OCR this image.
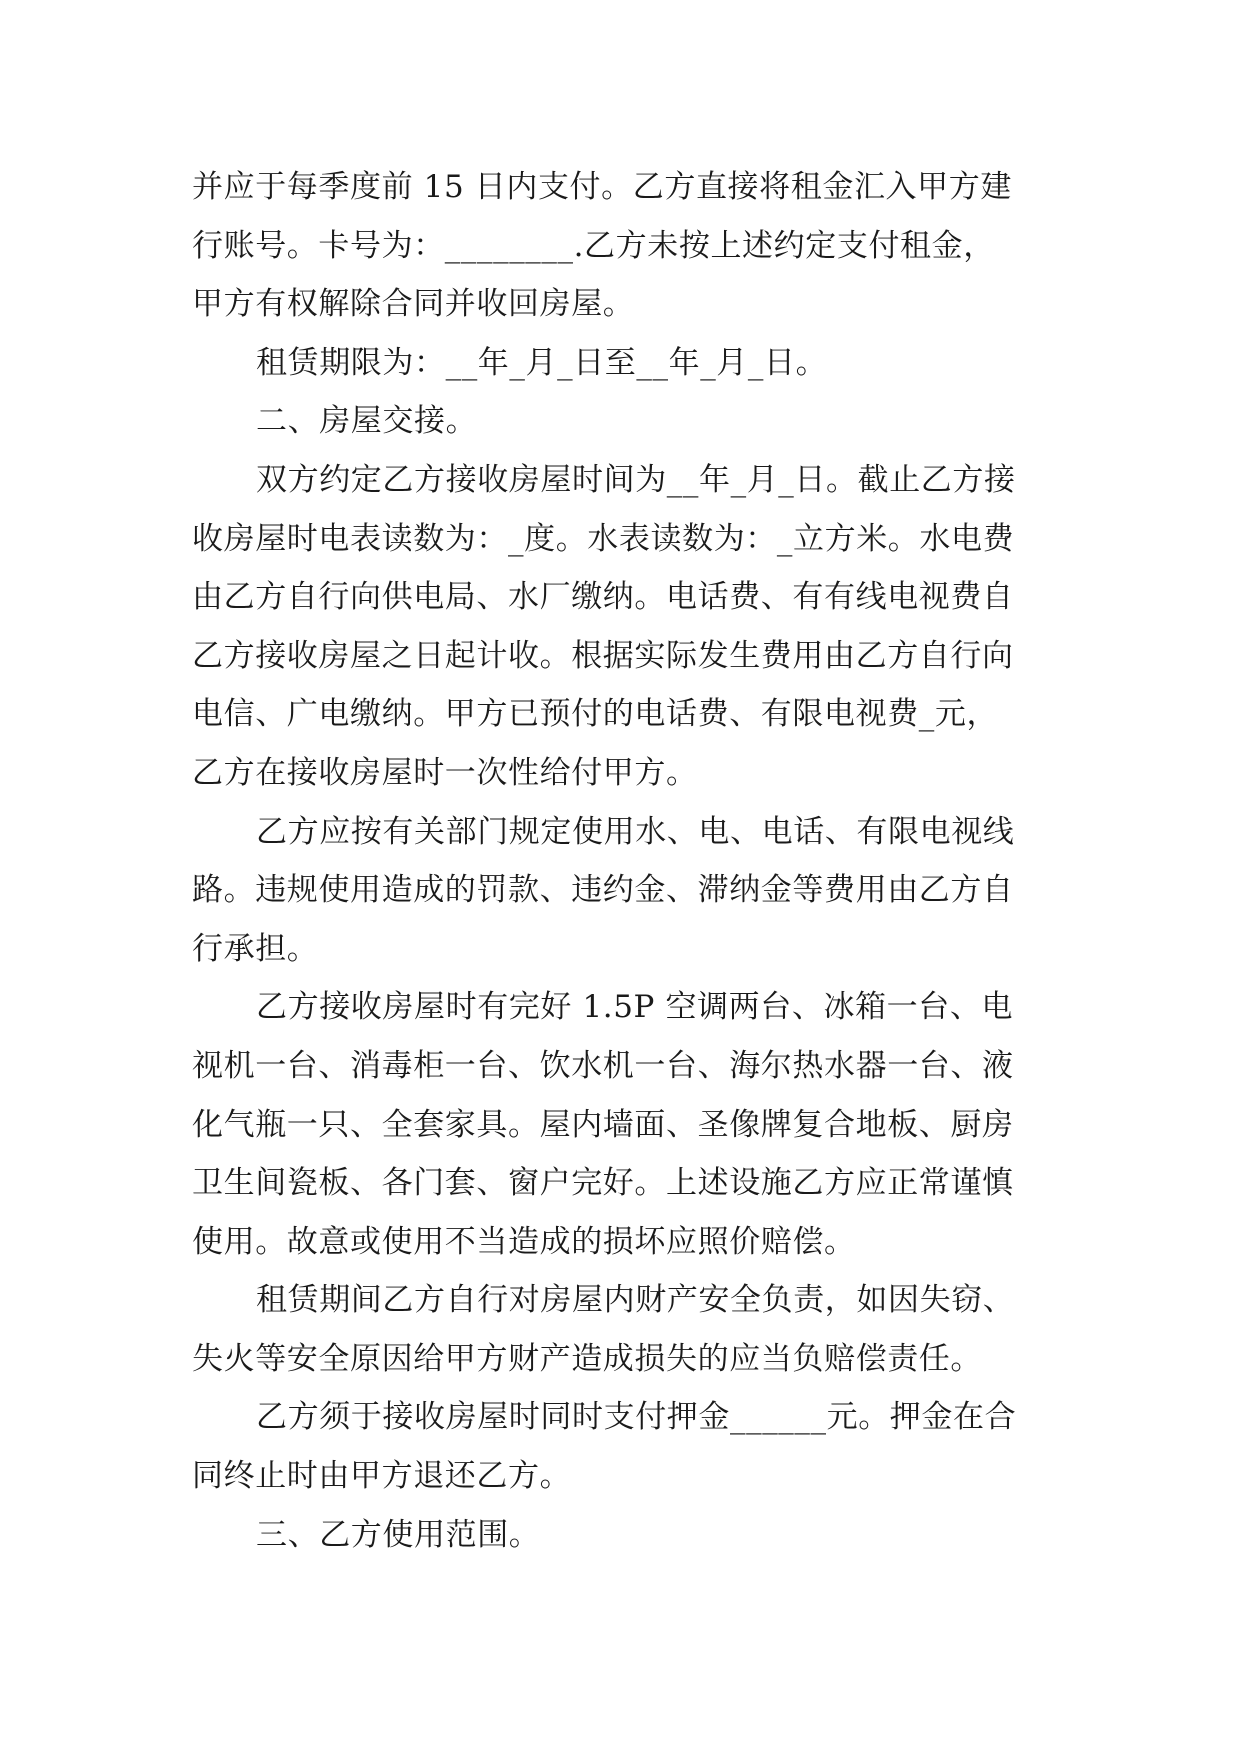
并应于每季度前 15 日内支付。乙方直接将租金汇入甲方建
行账号。卡号为：________.乙方未按上述约定支付租金，
甲方有权解除合同并收回房屋。
租赁期限为：__年_月_日至__年_月_日。
二、房屋交接。
双方约定乙方接收房屋时间为__年_月_日。截止乙方接
收房屋时电表读数为：_度。水表读数为：_立方米。水电费
由乙方自行向供电局、水厂缴纳。电话费、有有线电视费自
乙方接收房屋之日起计收。根据实际发生费用由乙方自行向
电信、广电缴纳。甲方已预付的电话费、有限电视费_元，
乙方在接收房屋时一次性给付甲方。
乙方应按有关部门规定使用水、电、电话、有限电视线
路。违规使用造成的罚款、违约金、滞纳金等费用由乙方自
行承担。
乙方接收房屋时有完好 1.5P 空调两台、冰箱一台、电
视机一台、消毒柜一台、饮水机一台、海尔热水器一台、液
化气瓶一只、全套家具。屋内墙面、圣像牌复合地板、厨房
卫生间瓷板、各门套、窗户完好。上述设施乙方应正常谨慎
使用。故意或使用不当造成的损坏应照价赔偿。
租赁期间乙方自行对房屋内财产安全负责，如因失窃、
失火等安全原因给甲方财产造成损失的应当负赔偿责任。
乙方须于接收房屋时同时支付押金______元。押金在合
同终止时由甲方退还乙方。
三、乙方使用范围。
